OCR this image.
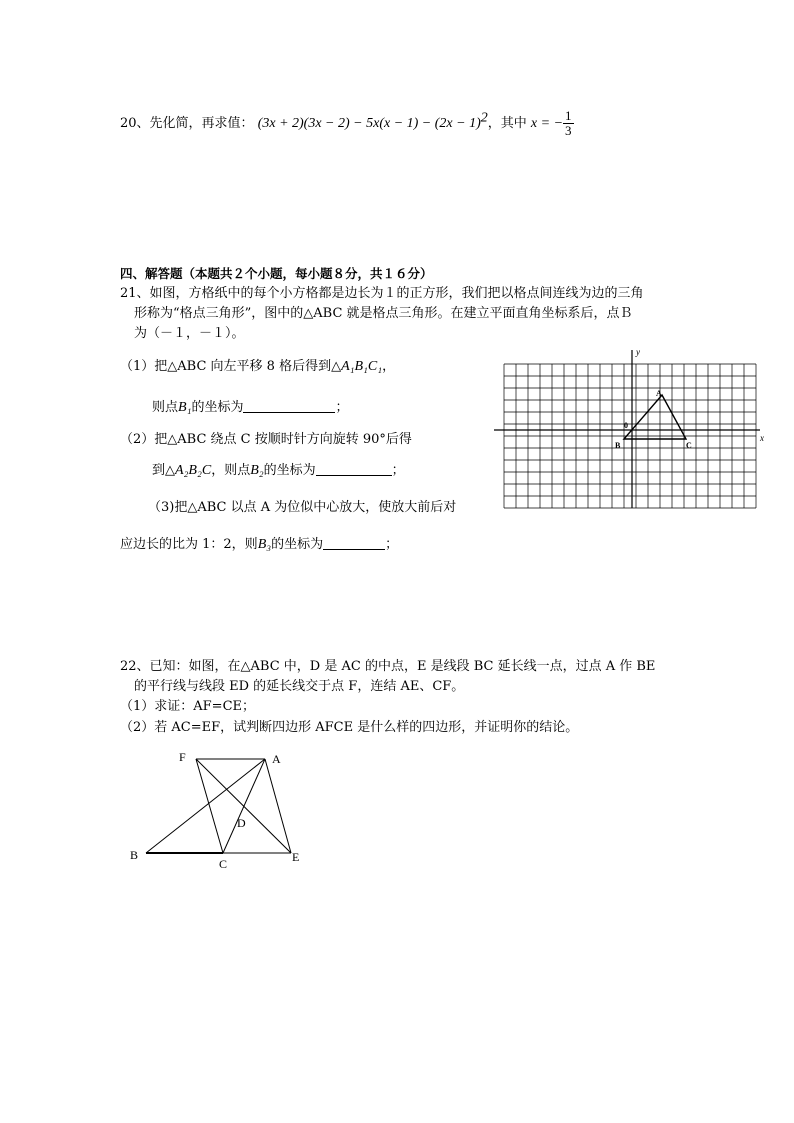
20、先化简，再求值： $(3x + 2)(3x - 2) - 5x(x - 1) - (2x - 1)^2$，其中 x = − $\frac{1}{3}$
四、解答题（本题共２个小题，每小题８分，共１６分）
21、如图，方格纸中的每个小方格都是边长为１的正方形，我们把以格点间连线为边的三角
形称为“格点三角形”，图中的△ABC 就是格点三角形。在建立平面直角坐标系后，点Ｂ
为（－１，－１）。
（1）把△ABC 向左平移 8 格后得到△A₁B₁C₁，
则点B₁的坐标为	；
（2）把△ABC 绕点 C 按顺时针方向旋转 90°后得
到△A₂B₂C，则点B₂的坐标为	；
（3)把△ABC 以点 A 为位似中心放大，使放大前后对
应边长的比为 1：2，则B₃的坐标为	；
y
x
0
A
B	C
22、已知：如图，在△ABC 中，D 是 AC 的中点，E 是线段 BC 延长线一点，过点 A 作 BE
的平行线与线段 ED 的延长线交于点 F，连结 AE、CF。
（1）求证：AF=CE；
（2）若 AC=EF，试判断四边形 AFCE 是什么样的四边形，并证明你的结论。
F	A
D
B
C	E
